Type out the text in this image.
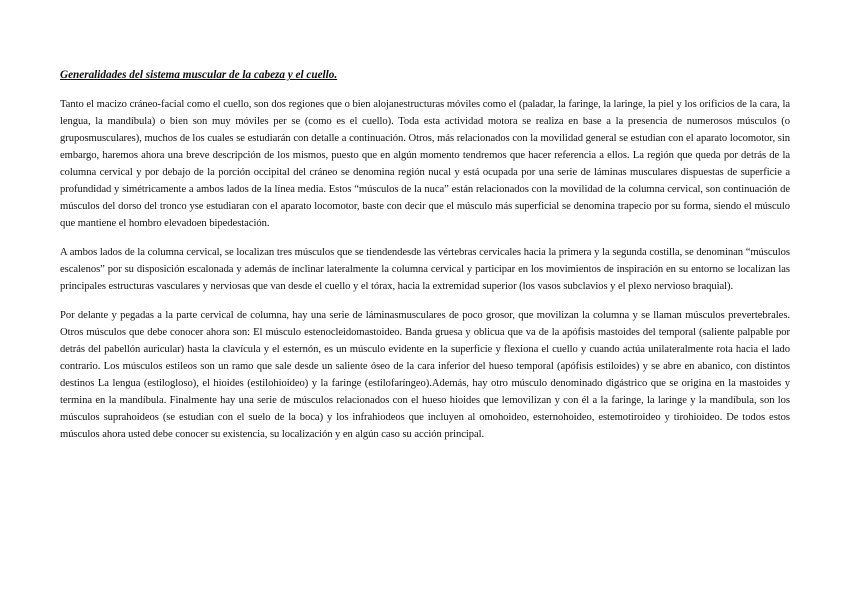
Generalidades del sistema muscular de la cabeza y el cuello.

Tanto el macizo cráneo-facial como el cuello, son dos regiones que o bien alojanestructuras móviles como el (paladar, la faringe, la laringe, la piel y los orificios de la cara, la lengua, la mandíbula) o bien son muy móviles per se (como es el cuello). Toda esta actividad motora se realiza en base a la presencia de numerosos músculos (o gruposmusculares), muchos de los cuales se estudiarán con detalle a continuación. Otros, más relacionados con la movilidad general se estudian con el aparato locomotor, sin embargo, haremos ahora una breve descripción de los mismos, puesto que en algún momento tendremos que hacer referencia a ellos. La región que queda por detrás de la columna cervical y por debajo de la porción occipital del cráneo se denomina región nucal y está ocupada por una serie de láminas musculares dispuestas de superficie a profundidad y simétricamente a ambos lados de la línea media. Estos “músculos de la nuca” están relacionados con la movilidad de la columna cervical, son continuación de músculos del dorso del tronco yse estudiaran con el aparato locomotor, baste con decir que el músculo más superficial se denomina trapecio por su forma, siendo el músculo que mantiene el hombro elevadoen bipedestación.

A ambos lados de la columna cervical, se localizan tres músculos que se tiendendesde las vértebras cervicales hacia la primera y la segunda costilla, se denominan “músculos escalenos” por su disposición escalonada y además de inclinar lateralmente la columna cervical y participar en los movimientos de inspiración en su entorno se localizan las principales estructuras vasculares y nerviosas que van desde el cuello y el tórax, hacia la extremidad superior (los vasos subclavios y el plexo nervioso braquial).

Por delante y pegadas a la parte cervical de columna, hay una serie de láminasmusculares de poco grosor, que movilizan la columna y se llaman músculos prevertebrales. Otros músculos que debe conocer ahora son: El músculo estenocleidomastoideo. Banda gruesa y oblicua que va de la apófisis mastoides del temporal (saliente palpable por detrás del pabellón auricular) hasta la clavícula y el esternón, es un músculo evidente en la superficie y flexiona el cuello y cuando actúa unilateralmente rota hacia el lado contrario. Los músculos estileos son un ramo que sale desde un saliente óseo de la cara inferior del hueso temporal (apófisis estiloides) y se abre en abanico, con distintos destinos La lengua (estilogloso), el hioides (estilohioideo) y la faringe (estilofaríngeo).Además, hay otro músculo denominado digástrico que se origina en la mastoides y termina en la mandíbula. Finalmente hay una serie de músculos relacionados con el hueso hioides que lemovilizan y con él a la faringe, la laringe y la mandíbula, son los músculos suprahoideos (se estudian con el suelo de la boca) y los infrahiodeos que incluyen al omohoideo, esternohoideo, estemotiroideo y tirohioideo. De todos estos músculos ahora usted debe conocer su existencia, su localización y en algún caso su acción principal.
